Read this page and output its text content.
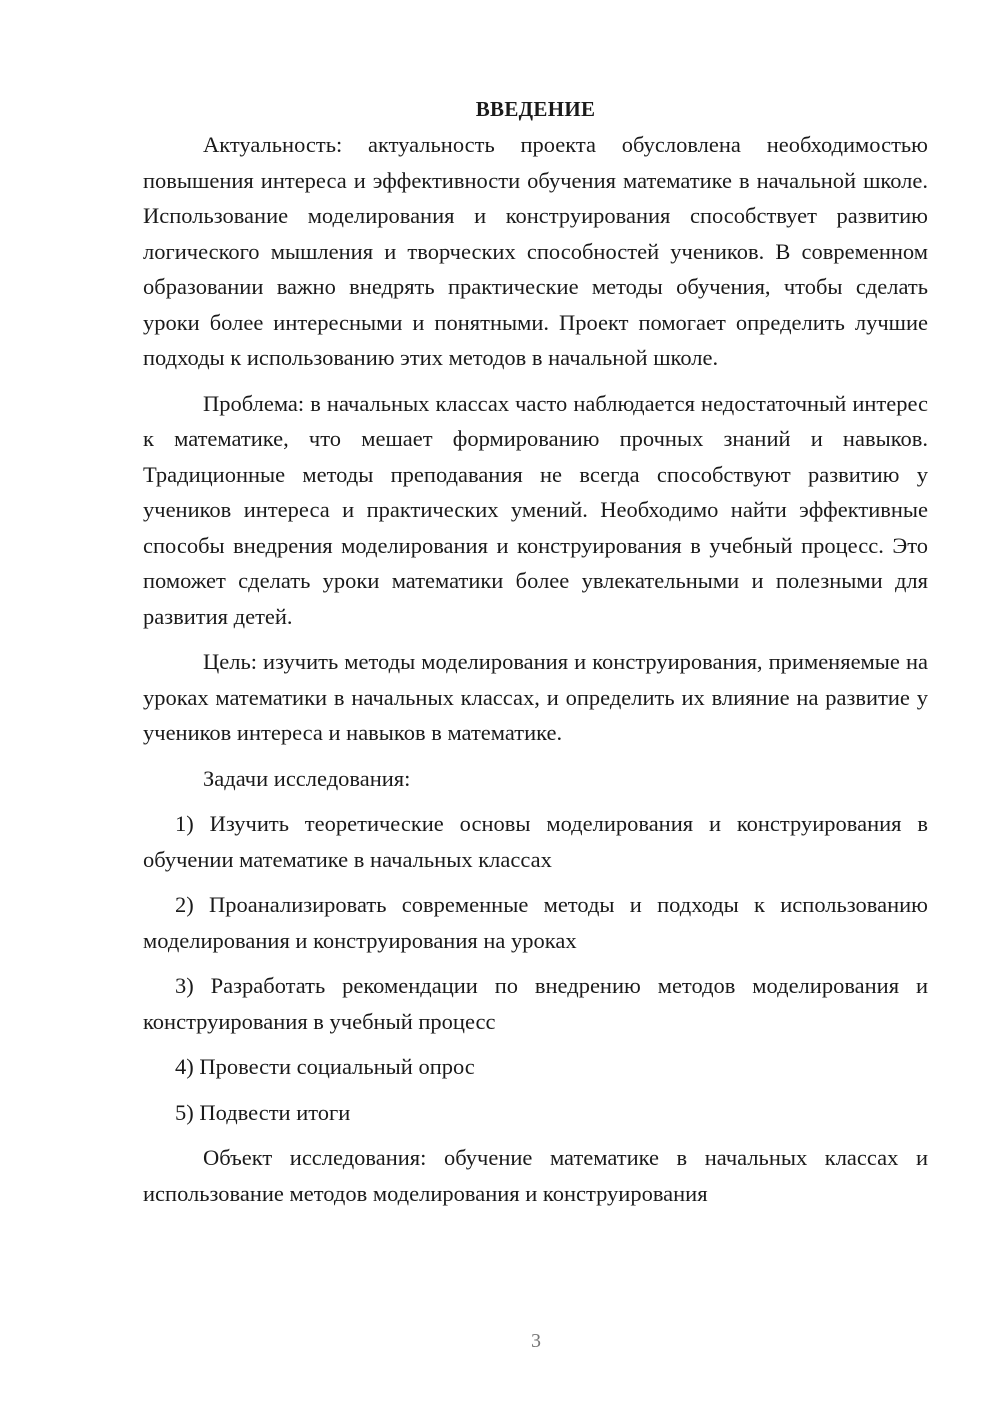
ВВЕДЕНИЕ

Актуальность: актуальность проекта обусловлена необходимостью повышения интереса и эффективности обучения математике в начальной школе. Использование моделирования и конструирования способствует развитию логического мышления и творческих способностей учеников. В современном образовании важно внедрять практические методы обучения, чтобы сделать уроки более интересными и понятными. Проект помогает определить лучшие подходы к использованию этих методов в начальной школе.

Проблема: в начальных классах часто наблюдается недостаточный интерес к математике, что мешает формированию прочных знаний и навыков. Традиционные методы преподавания не всегда способствуют развитию у учеников интереса и практических умений. Необходимо найти эффективные способы внедрения моделирования и конструирования в учебный процесс. Это поможет сделать уроки математики более увлекательными и полезными для развития детей.

Цель: изучить методы моделирования и конструирования, применяемые на уроках математики в начальных классах, и определить их влияние на развитие у учеников интереса и навыков в математике.

Задачи исследования:

1) Изучить теоретические основы моделирования и конструирования в обучении математике в начальных классах

2) Проанализировать современные методы и подходы к использованию моделирования и конструирования на уроках

3) Разработать рекомендации по внедрению методов моделирования и конструирования в учебный процесс

4) Провести социальный опрос

5) Подвести итоги

Объект исследования: обучение математике в начальных классах и использование методов моделирования и конструирования

3
